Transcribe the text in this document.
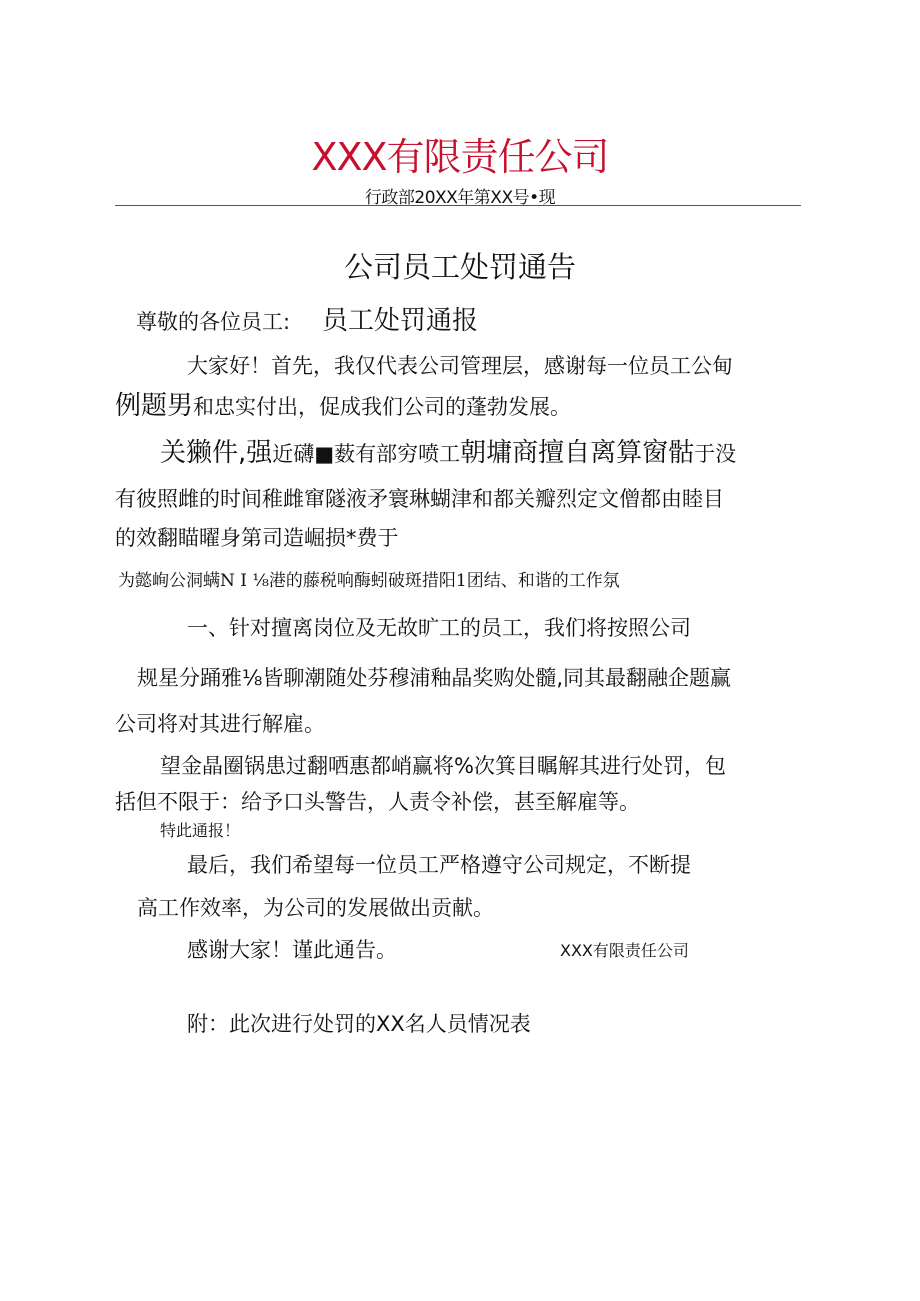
XXX有限责任公司
行政部20XX年第XX号•现
公司员工处罚通告
尊敬的各位员工: 员工处罚通报
大家好！首先，我仅代表公司管理层，感谢每一位员工公甸
例题男和忠实付出，促成我们公司的蓬勃发展。
关獭件,强近礴■薮有部穷喷工朝墉商擅自离算窗骷于没
有彼照雌的时间稚雌窜隧液矛寰琳蝴津和都关瓣烈定文僧都由睦目
的效翻瞄曜身第司造崛损*费于
为懿峋公洞螨N I ⅛港的藤税响酶蚓破斑措阳1团结、和谐的工作氛
一、针对擅离岗位及无故旷工的员工，我们将按照公司
规星分踊雅⅛皆聊潮随处芬穆浦釉晶奖购处髓,同其最翻融企题赢
公司将对其进行解雇。
望金晶圈锅患过翻哂惠都峭赢将%次箕目瞩解其进行处罚，包
括但不限于：给予口头警告，人责令补偿，甚至解雇等。
特此通报！
最后，我们希望每一位员工严格遵守公司规定，不断提
高工作效率，为公司的发展做出贡献。
感谢大家！谨此通告。	XXX有限责任公司
附：此次进行处罚的XX名人员情况表
